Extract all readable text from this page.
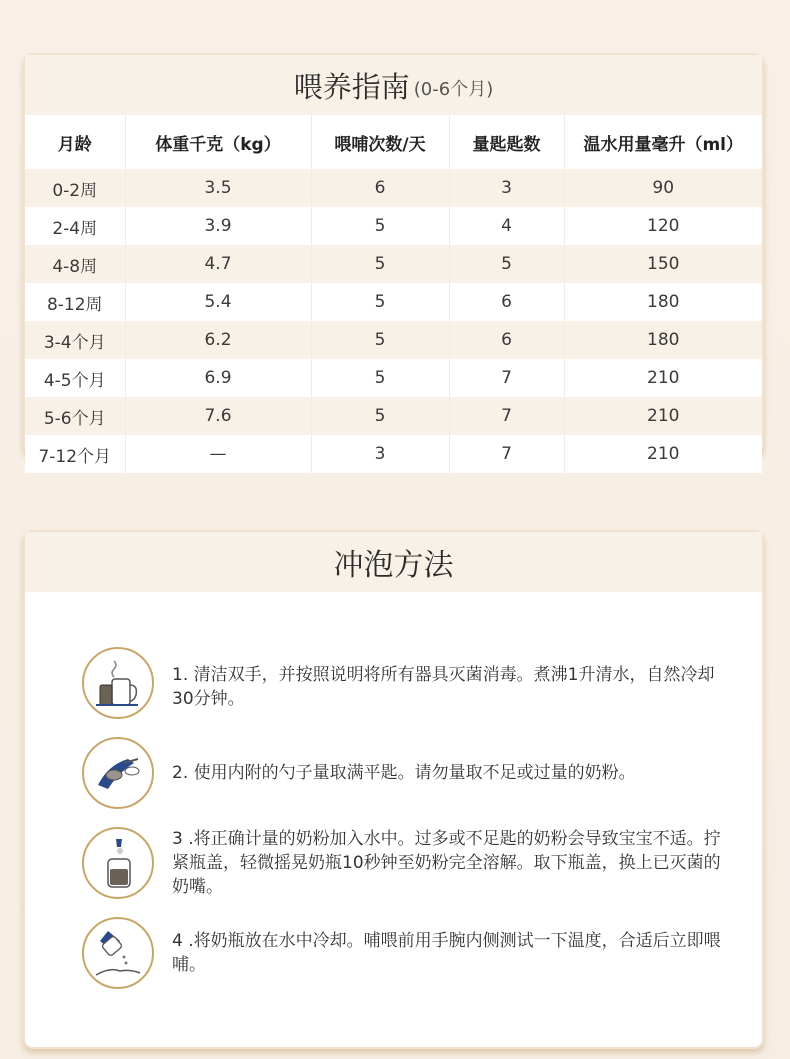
喂养指南 (0-6个月)
月龄	体重千克（kg）	喂哺次数/天	量匙匙数	温水用量毫升（ml）
0-2周	3.5	6	3	90
2-4周	3.9	5	4	120
4-8周	4.7	5	5	150
8-12周	5.4	5	6	180
3-4个月	6.2	5	6	180
4-5个月	6.9	5	7	210
5-6个月	7.6	5	7	210
7-12个月	—	3	7	210
冲泡方法
1. 清洁双手，并按照说明将所有器具灭菌消毒。煮沸1升清水，自然冷却30分钟。
2. 使用内附的勺子量取满平匙。请勿量取不足或过量的奶粉。
3 .将正确计量的奶粉加入水中。过多或不足匙的奶粉会导致宝宝不适。拧紧瓶盖，轻微摇晃奶瓶10秒钟至奶粉完全溶解。取下瓶盖，换上已灭菌的奶嘴。
4 .将奶瓶放在水中冷却。哺喂前用手腕内侧测试一下温度，合适后立即喂哺。
